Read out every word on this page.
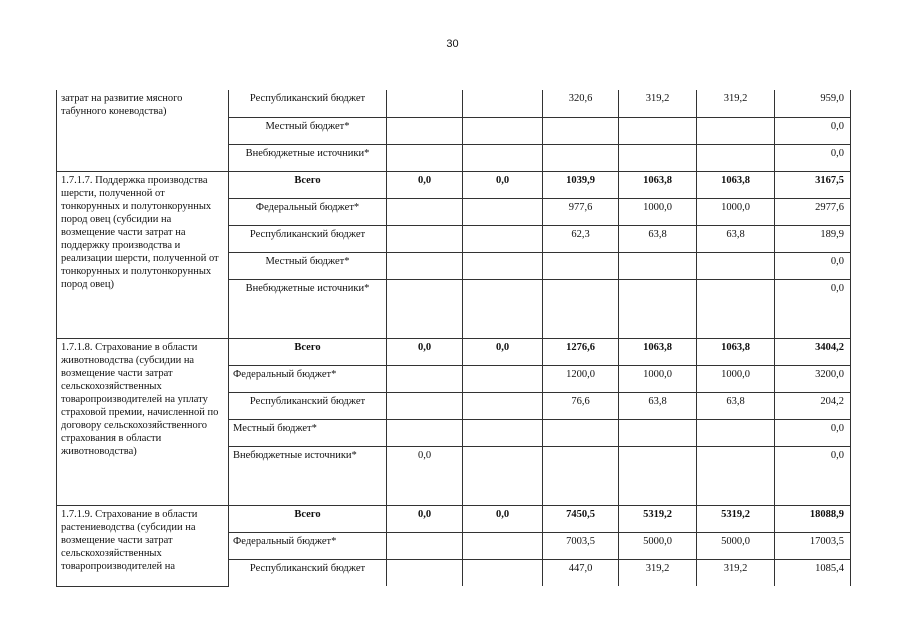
30
затрат на развитие мясного табунного коневодства)	Республиканский бюджет			320,6	319,2	319,2	959,0
	Местный бюджет*						0,0
	Внебюджетные источники*						0,0
1.7.1.7. Поддержка производства шерсти, полученной от тонкорунных и полутонкорунных пород овец (субсидии на возмещение части затрат на поддержку производства и реализации шерсти, полученной от тонкорунных и полутонкорунных пород овец)	Всего	0,0	0,0	1039,9	1063,8	1063,8	3167,5
	Федеральный бюджет*			977,6	1000,0	1000,0	2977,6
	Республиканский бюджет			62,3	63,8	63,8	189,9
	Местный бюджет*						0,0
	Внебюджетные источники*						0,0
1.7.1.8. Страхование в области животноводства (субсидии на возмещение части затрат сельскохозяйственных товаропроизводителей на уплату страховой премии, начисленной по договору сельскохозяйственного страхования в области животноводства)	Всего	0,0	0,0	1276,6	1063,8	1063,8	3404,2
	Федеральный бюджет*			1200,0	1000,0	1000,0	3200,0
	Республиканский бюджет			76,6	63,8	63,8	204,2
	Местный бюджет*						0,0
	Внебюджетные источники*	0,0					0,0
1.7.1.9. Страхование в области растениеводства (субсидии на возмещение части затрат сельскохозяйственных товаропроизводителей на	Всего	0,0	0,0	7450,5	5319,2	5319,2	18088,9
	Федеральный бюджет*			7003,5	5000,0	5000,0	17003,5
	Республиканский бюджет			447,0	319,2	319,2	1085,4
